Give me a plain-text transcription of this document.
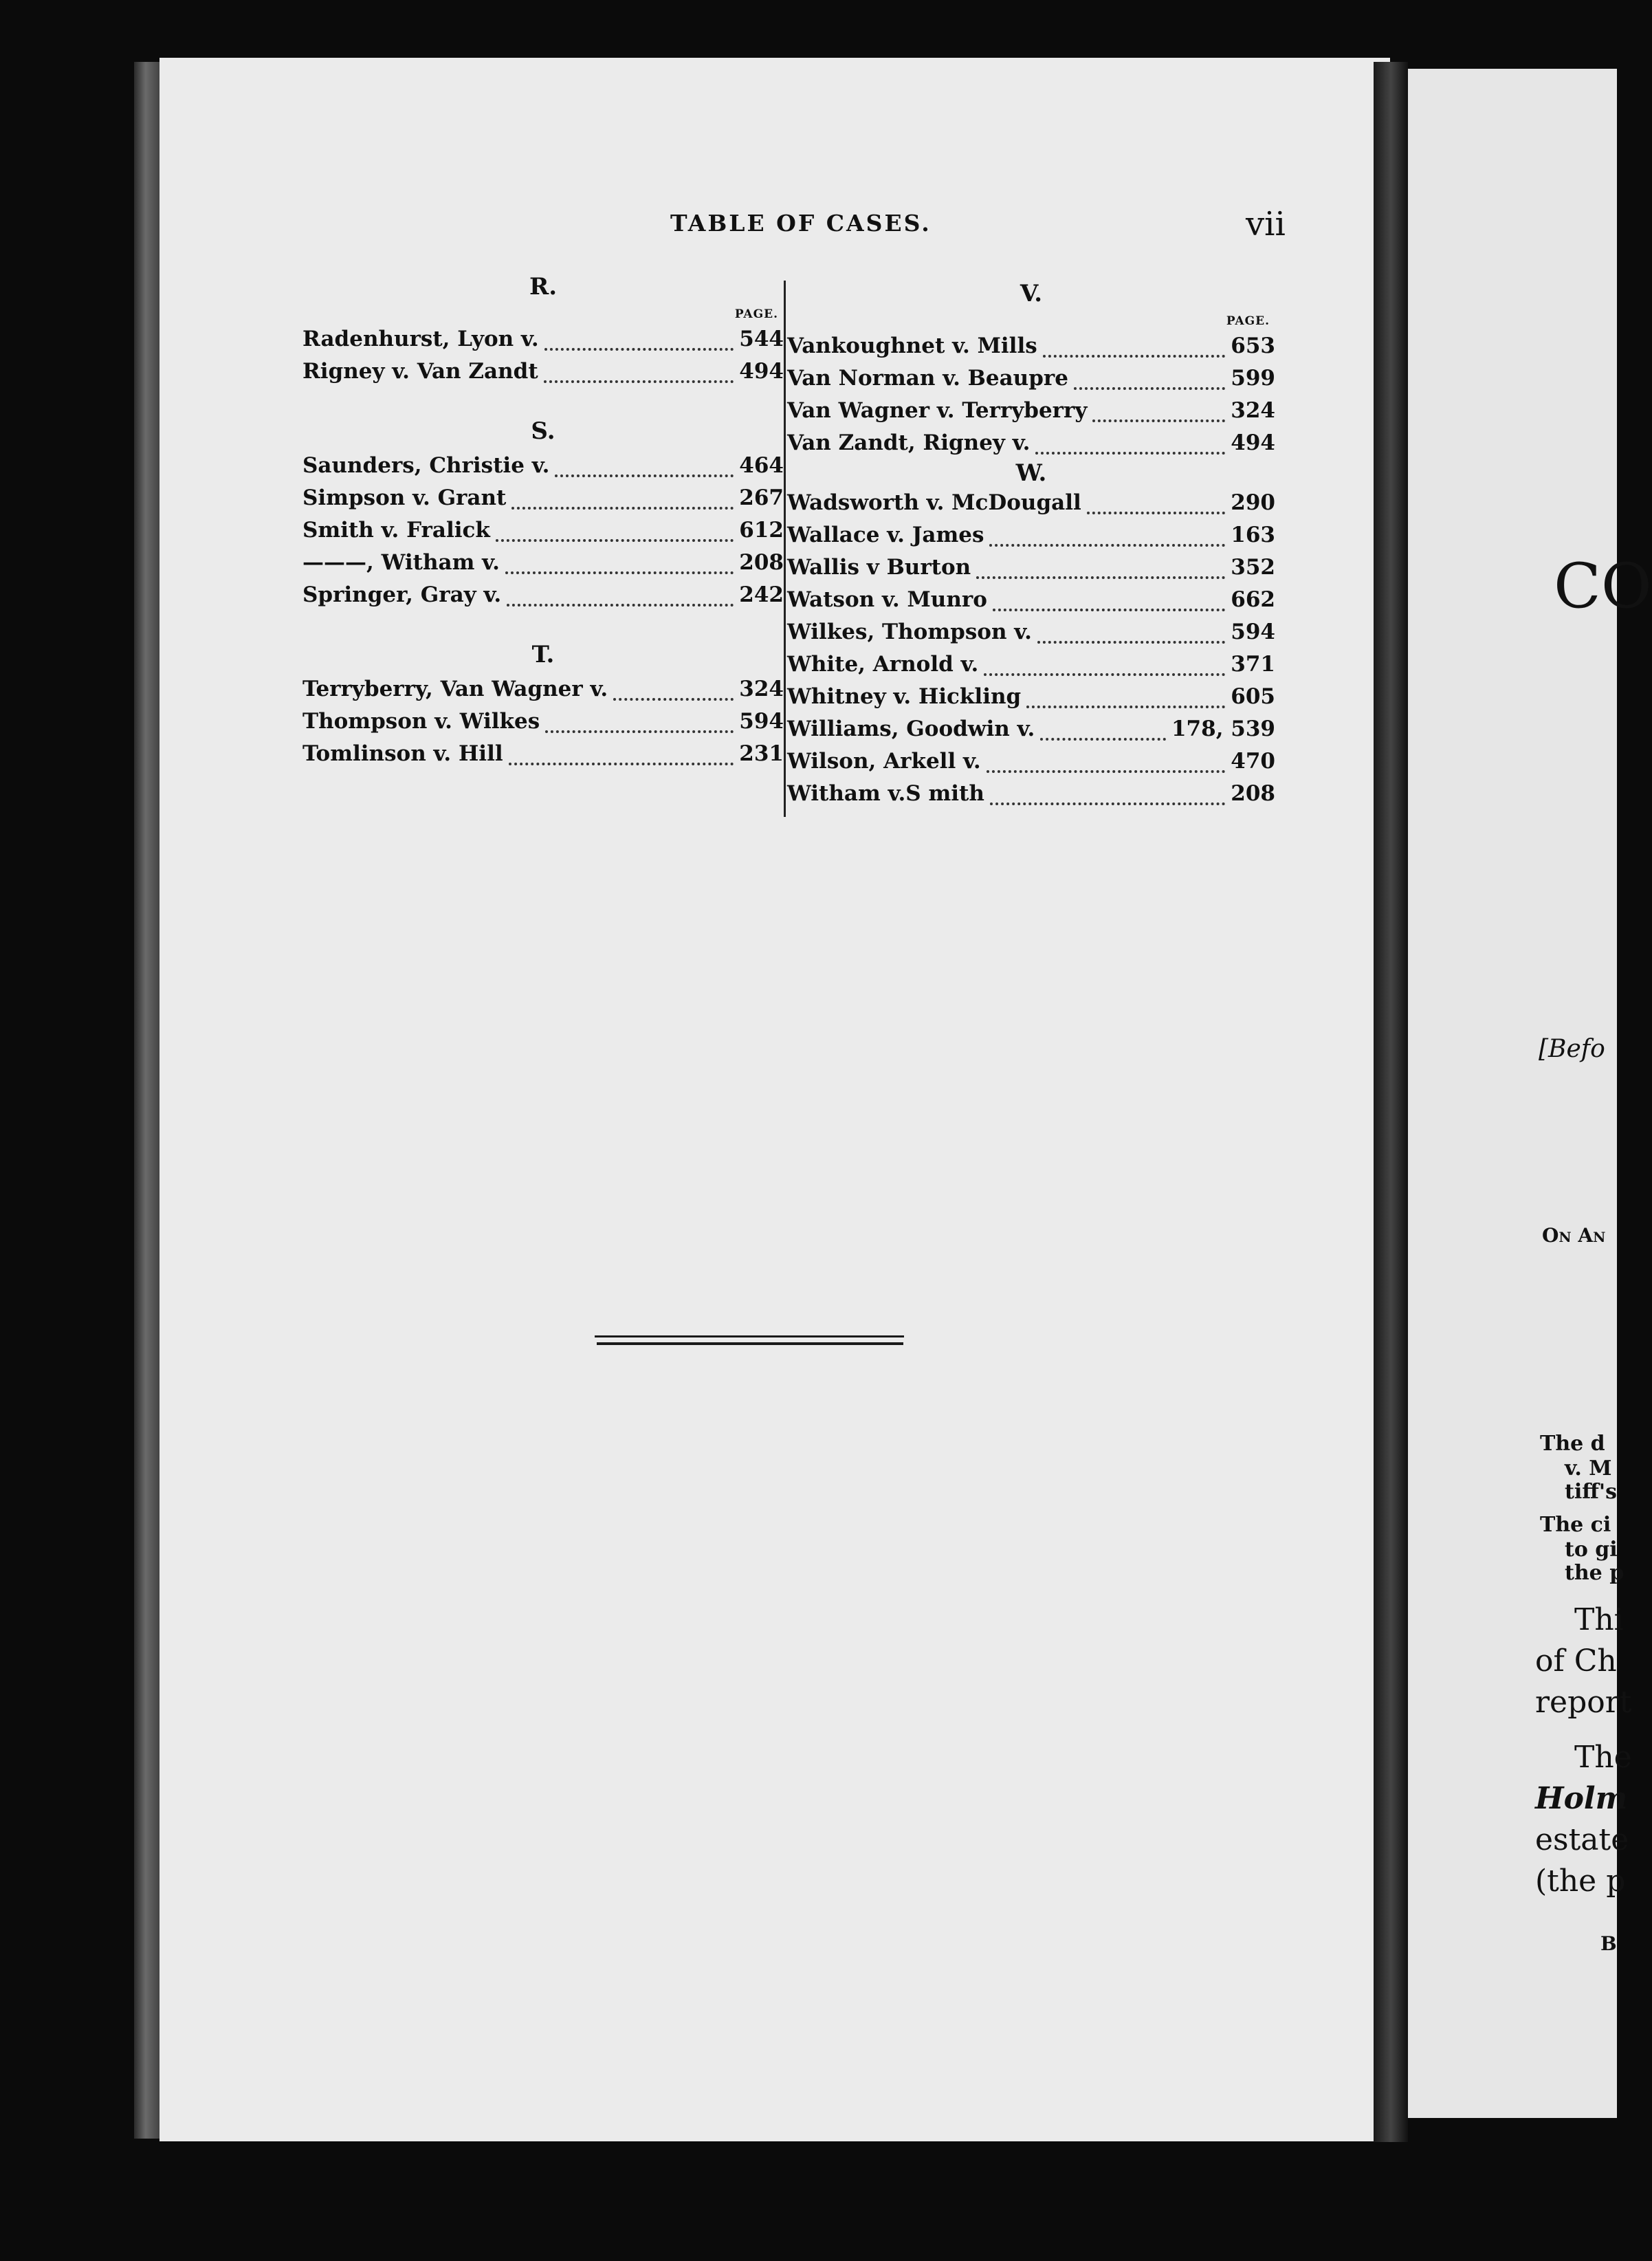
TABLE OF CASES.	vii
R.
PAGE.
Radenhurst, Lyon v.	544
Rigney v. Van Zandt	494
S.
Saunders, Christie v.	464
Simpson v. Grant	267
Smith v. Fralick	612
———, Witham v.	208
Springer, Gray v.	242
T.
Terryberry, Van Wagner v.	324
Thompson v. Wilkes	594
Tomlinson v. Hill	231
V.
PAGE.
Vankoughnet v. Mills	653
Van Norman v. Beaupre	599
Van Wagner v. Terryberry	324
Van Zandt, Rigney v.	494
W.
Wadsworth v. McDougall	290
Wallace v. James	163
Wallis v Burton	352
Watson v. Munro	662
Wilkes, Thompson v.	594
White, Arnold v.	371
Whitney v. Hickling	605
Williams, Goodwin v.	178, 539
Wilson, Arkell v.	470
Witham v.S mith	208
CO
[Befo
On An
The d
v. M
tiff's
The ci
to gi
the p
Thi
of Ch
report
The
Holm
estate
(the p
B
